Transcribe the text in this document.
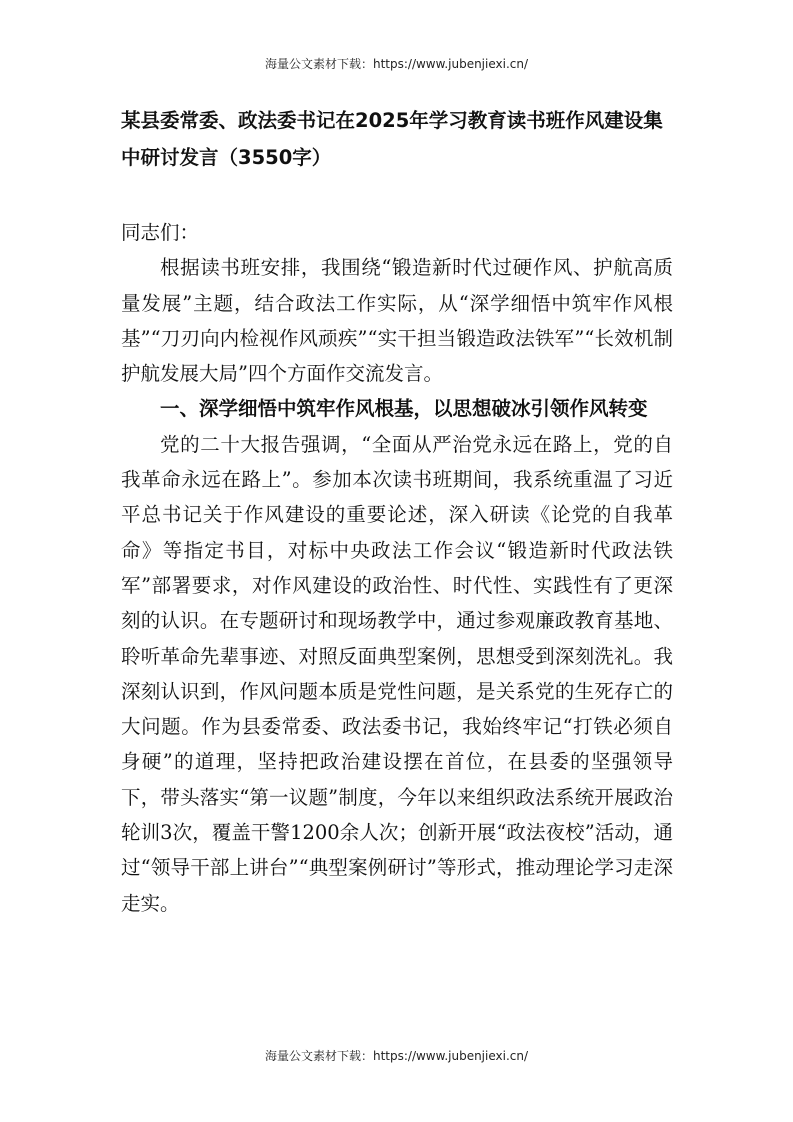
海量公文素材下载：https://www.jubenjiexi.cn/
某县委常委、政法委书记在2025年学习教育读书班作风建设集中研讨发言（3550字）

同志们：

根据读书班安排，我围绕“锻造新时代过硬作风、护航高质量发展”主题，结合政法工作实际，从“深学细悟中筑牢作风根基”“刀刃向内检视作风顽疾”“实干担当锻造政法铁军”“长效机制护航发展大局”四个方面作交流发言。

一、深学细悟中筑牢作风根基，以思想破冰引领作风转变

党的二十大报告强调，“全面从严治党永远在路上，党的自我革命永远在路上”。参加本次读书班期间，我系统重温了习近平总书记关于作风建设的重要论述，深入研读《论党的自我革命》等指定书目，对标中央政法工作会议“锻造新时代政法铁军”部署要求，对作风建设的政治性、时代性、实践性有了更深刻的认识。在专题研讨和现场教学中，通过参观廉政教育基地、聆听革命先辈事迹、对照反面典型案例，思想受到深刻洗礼。我深刻认识到，作风问题本质是党性问题，是关系党的生死存亡的大问题。作为县委常委、政法委书记，我始终牢记“打铁必须自身硬”的道理，坚持把政治建设摆在首位，在县委的坚强领导下，带头落实“第一议题”制度，今年以来组织政法系统开展政治轮训3次，覆盖干警1200余人次；创新开展“政法夜校”活动，通过“领导干部上讲台”“典型案例研讨”等形式，推动理论学习走深走实。

海量公文素材下载：https://www.jubenjiexi.cn/
